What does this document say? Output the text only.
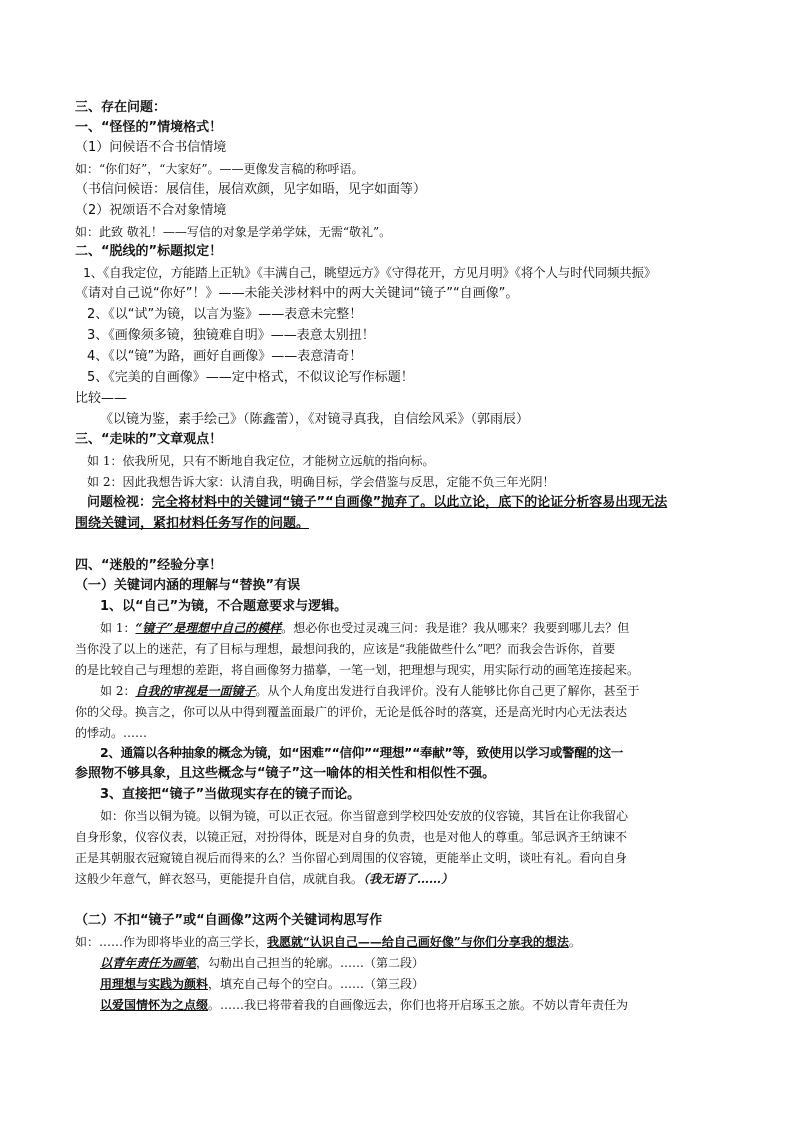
三、存在问题：
一、“怪怪的”情境格式！
（1）问候语不合书信情境
如：“你们好”，“大家好”。——更像发言稿的称呼语。
（书信问候语：展信佳，展信欢颜，见字如晤，见字如面等）
（2）祝颂语不合对象情境
如：此致 敬礼！——写信的对象是学弟学妹，无需“敬礼”。
二、“脱线的”标题拟定！
1、《自我定位，方能踏上正轨》《丰满自己，眺望远方》《守得花开，方见月明》《将个人与时代同频共振》
《请对自己说“你好”！》——未能关涉材料中的两大关键词“镜子”“自画像”。
2、《以“试”为镜，以言为鉴》——表意未完整！
3、《画像须多镜，独镜难自明》——表意太别扭！
4、《以“镜”为路，画好自画像》——表意清奇！
5、《完美的自画像》——定中格式，不似议论写作标题！
比较——
《以镜为鉴，素手绘己》（陈鑫蕾），《对镜寻真我，自信绘风采》（郭雨辰）
三、“走味的”文章观点！
如 1：依我所见，只有不断地自我定位，才能树立远航的指向标。
如 2：因此我想告诉大家：认清自我，明确目标，学会借鉴与反思，定能不负三年光阴！
问题检视：完全将材料中的关键词“镜子”“自画像”抛弃了。以此立论，底下的论证分析容易出现无法
围绕关键词，紧扣材料任务写作的问题。
四、“迷般的”经验分享！
（一）关键词内涵的理解与“替换”有误
1、以“自己”为镜，不合题意要求与逻辑。
如 1：“镜子”是理想中自己的模样。想必你也受过灵魂三问：我是谁？我从哪来？我要到哪儿去？但
当你没了以上的迷茫，有了目标与理想，最想问我的，应该是“我能做些什么”吧？而我会告诉你，首要
的是比较自己与理想的差距，将自画像努力描摹，一笔一划，把理想与现实，用实际行动的画笔连接起来。
如 2：自我的审视是一面镜子。从个人角度出发进行自我评价。没有人能够比你自己更了解你，甚至于
你的父母。换言之，你可以从中得到覆盖面最广的评价，无论是低谷时的落寞，还是高光时内心无法表达
的悸动。……
2、通篇以各种抽象的概念为镜，如“困难”“信仰”“理想”“奉献”等，致使用以学习或警醒的这一
参照物不够具象，且这些概念与“镜子”这一喻体的相关性和相似性不强。
3、直接把“镜子”当做现实存在的镜子而论。
如：你当以铜为镜。以铜为镜，可以正衣冠。你当留意到学校四处安放的仪容镜，其旨在让你我留心
自身形象，仪容仪表，以镜正冠，对扮得体，既是对自身的负责，也是对他人的尊重。邹忌讽齐王纳谏不
正是其朝服衣冠窥镜自视后而得来的么？当你留心到周围的仪容镜，更能举止文明，谈吐有礼。看向自身
这般少年意气，鲜衣怒马，更能提升自信，成就自我。（我无语了……）
（二）不扣“镜子”或“自画像”这两个关键词构思写作
如：……作为即将毕业的高三学长，我愿就“认识自己——给自己画好像”与你们分享我的想法。
以青年责任为画笔，勾勒出自己担当的轮廓。……（第二段）
用理想与实践为颜料，填充自己每个的空白。……（第三段）
以爱国情怀为之点缀。……我已将带着我的自画像远去，你们也将开启琢玉之旅。不妨以青年责任为
